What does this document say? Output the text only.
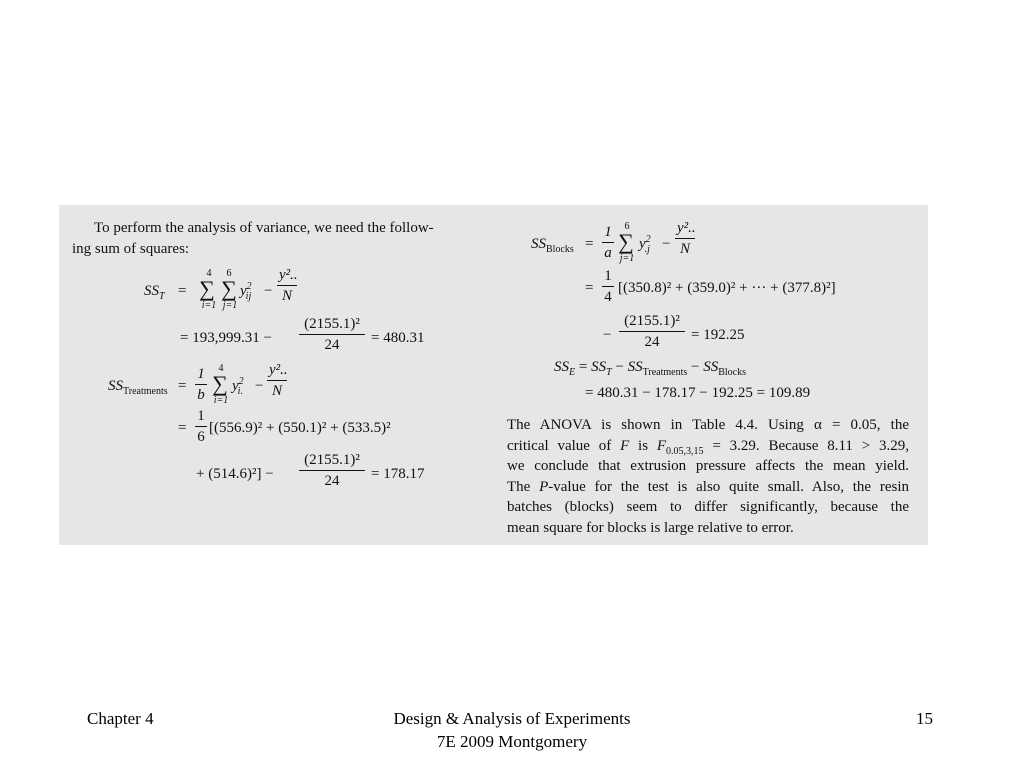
To perform the analysis of variance, we need the follow-
ing sum of squares:
$SS_T$ =
4
∑
i=1
6
∑
j=1
$y^2_{ij} - \frac{\text{y²..}}{N}$
= $193,999.31 - \frac{\text{(2155.1)²}}{24} = 480.31$
$SS_{Treatments} = \frac{1}{b}$	4
∑
i=1
$y^2_{i.} - \frac{\text{y²..}}{N}$
= $\frac{1}{6} [(556.9)^2 + (550.1)^2 + (533.5)^2$
+ $(514.6)^2] - \frac{\text{(2155.1)²}}{24} = 178.17$
$SS_{Blocks} = \frac{1}{a}$	6
∑
j=1
$y^2_{.j} - \frac{\text{y²..}}{N}$
= $\frac{1}{4} [(350.8)^2 + (359.0)^2$ + ··· + (377.8)²]
− $\frac{\text{(2155.1)²}}{24} = 192.25$
$SS_E = SS_T - SS_{Treatments} - SS_{Blocks}$
= 480.31 − 178.17 − 192.25 = 109.89
The ANOVA is shown in Table 4.4. Using α = 0.05, the
critical value of F is $F_{0.05,3,15} = 3.29$. Because 8.11 > 3.29,
we conclude that extrusion pressure affects the mean yield.
The P-value for the test is also quite small. Also, the resin
batches (blocks) seem to differ significantly, because the
mean square for blocks is large relative to error.
Chapter 4	Design & Analysis of Experiments
7E 2009 Montgomery
15
